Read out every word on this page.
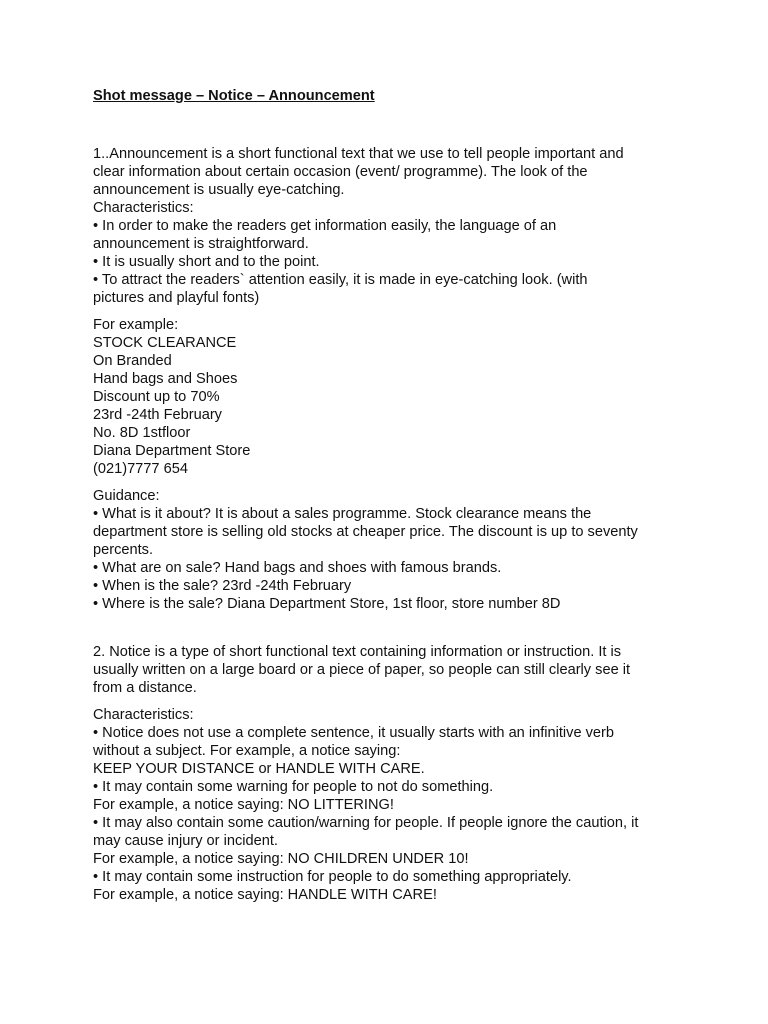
Shot message – Notice – Announcement
1..Announcement is a short functional text that we use to tell people important and
clear information about certain occasion (event/ programme). The look of the
announcement is usually eye-catching.
Characteristics:
• In order to make the readers get information easily, the language of an
announcement is straightforward.
• It is usually short and to the point.
• To attract the readers` attention easily, it is made in eye-catching look. (with
pictures and playful fonts)
For example:
STOCK CLEARANCE
On Branded
Hand bags and Shoes
Discount up to 70%
23rd -24th February
No. 8D 1stfloor
Diana Department Store
(021)7777 654
Guidance:
• What is it about? It is about a sales programme. Stock clearance means the
department store is selling old stocks at cheaper price. The discount is up to seventy
percents.
• What are on sale? Hand bags and shoes with famous brands.
• When is the sale? 23rd -24th February
• Where is the sale? Diana Department Store, 1st floor, store number 8D
2. Notice is a type of short functional text containing information or instruction. It is
usually written on a large board or a piece of paper, so people can still clearly see it
from a distance.
Characteristics:
• Notice does not use a complete sentence, it usually starts with an infinitive verb
without a subject. For example, a notice saying:
KEEP YOUR DISTANCE or HANDLE WITH CARE.
• It may contain some warning for people to not do something.
For example, a notice saying: NO LITTERING!
• It may also contain some caution/warning for people. If people ignore the caution, it
may cause injury or incident.
For example, a notice saying: NO CHILDREN UNDER 10!
• It may contain some instruction for people to do something appropriately.
For example, a notice saying: HANDLE WITH CARE!
